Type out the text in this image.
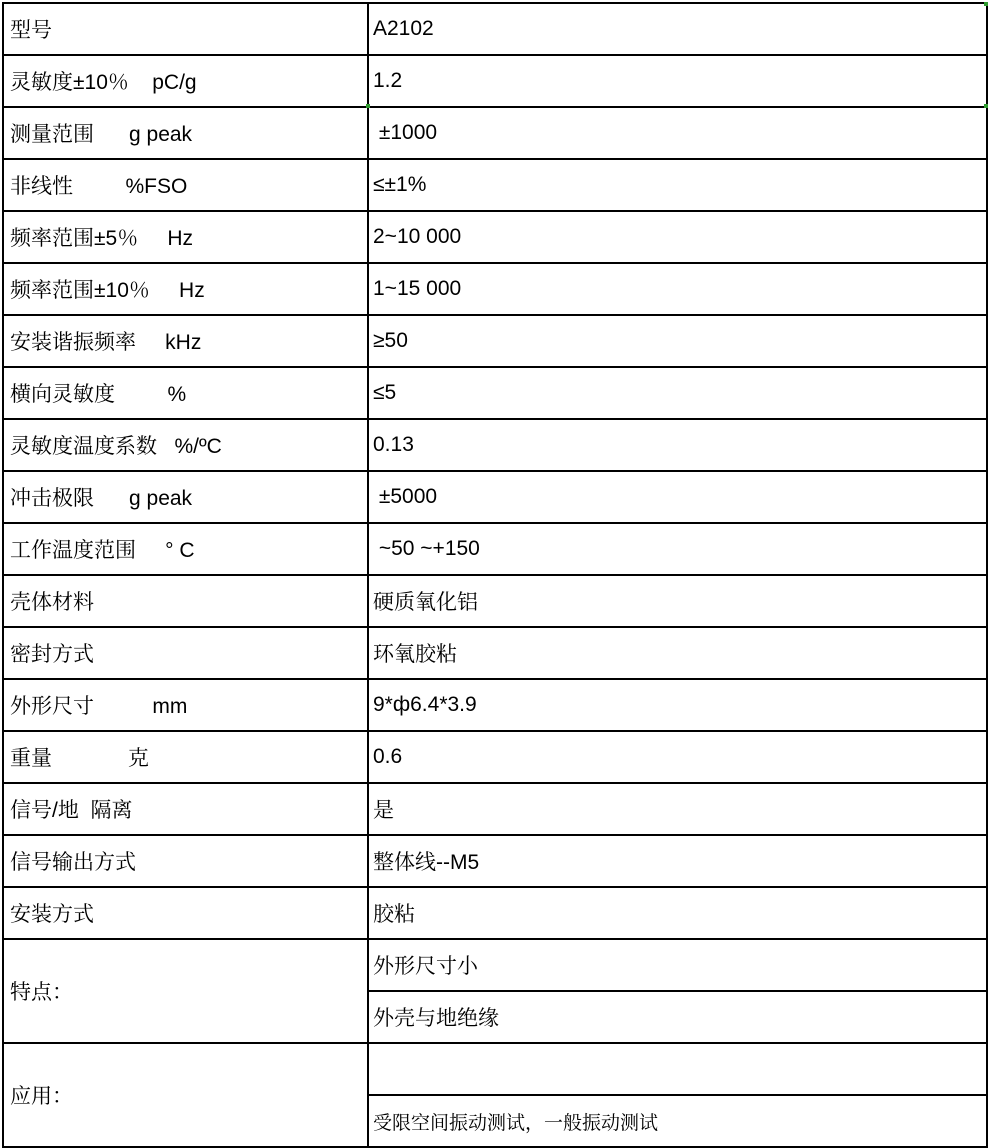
型号	A2102
灵敏度±10％    pC/g	1.2
测量范围      g peak	±1000
非线性         %FSO	≤±1%
频率范围±5％     Hz	2~10 000
频率范围±10％     Hz	1~15 000
安装谐振频率     kHz	≥50
横向灵敏度         %	≤5
灵敏度温度系数   %/ºC	0.13
冲击极限      g peak	±5000
工作温度范围     ° C	~50 ~+150
壳体材料	硬质氧化铝
密封方式	环氧胶粘
外形尺寸          mm	9*ф6.4*3.9
重量             克	0.6
信号/地  隔离	是
信号输出方式	整体线--M5
安装方式	胶粘
特点：	外形尺寸小
	外壳与地绝缘
应用：	
	受限空间振动测试，一般振动测试
